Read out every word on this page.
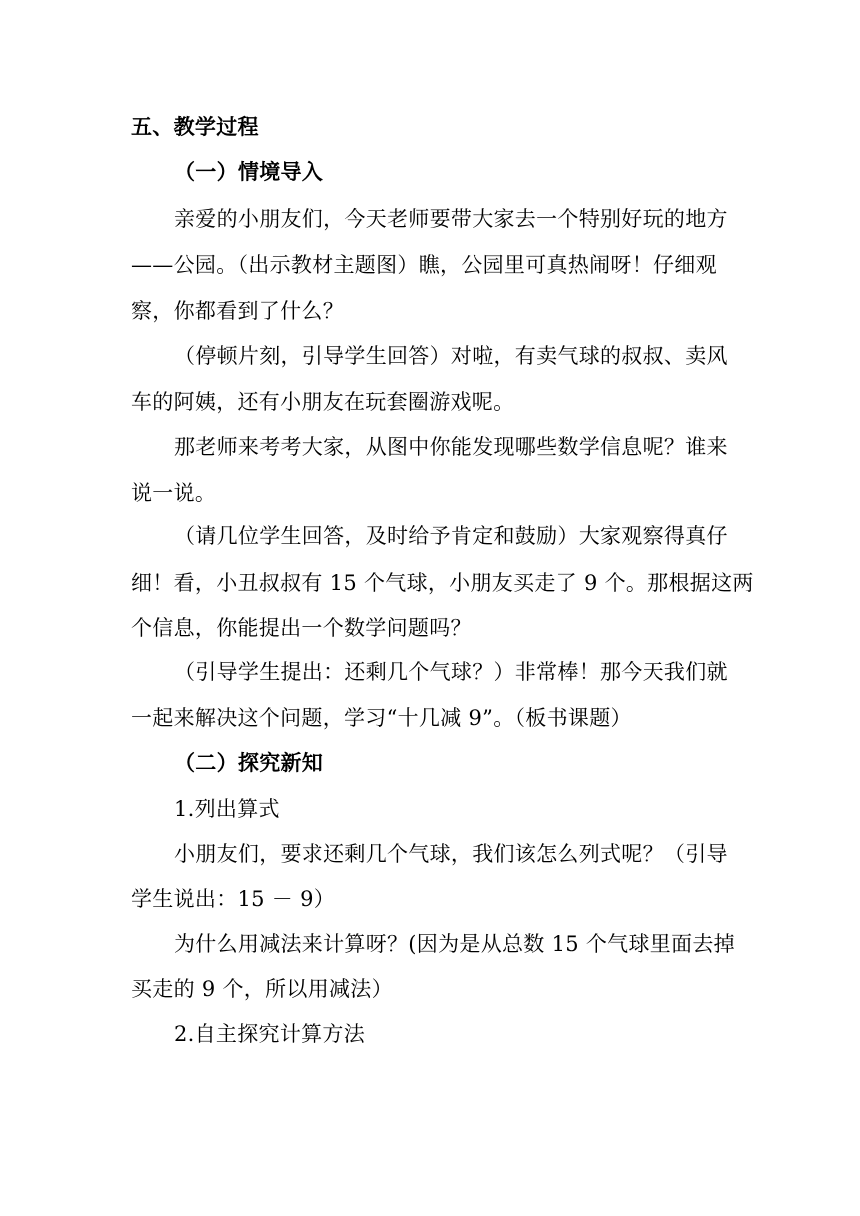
五、教学过程
（一）情境导入
亲爱的小朋友们，今天老师要带大家去一个特别好玩的地方
——公园。（出示教材主题图）瞧，公园里可真热闹呀！仔细观
察，你都看到了什么？
（停顿片刻，引导学生回答）对啦，有卖气球的叔叔、卖风
车的阿姨，还有小朋友在玩套圈游戏呢。
那老师来考考大家，从图中你能发现哪些数学信息呢？谁来
说一说。
（请几位学生回答，及时给予肯定和鼓励）大家观察得真仔
细！看，小丑叔叔有 15 个气球，小朋友买走了 9 个。那根据这两
个信息，你能提出一个数学问题吗？
（引导学生提出：还剩几个气球？）非常棒！那今天我们就
一起来解决这个问题，学习“十几减 9”。（板书课题）
（二）探究新知
1.列出算式
小朋友们，要求还剩几个气球，我们该怎么列式呢？（引导
学生说出：15 － 9）
为什么用减法来计算呀？(因为是从总数 15 个气球里面去掉
买走的 9 个，所以用减法）
2.自主探究计算方法
